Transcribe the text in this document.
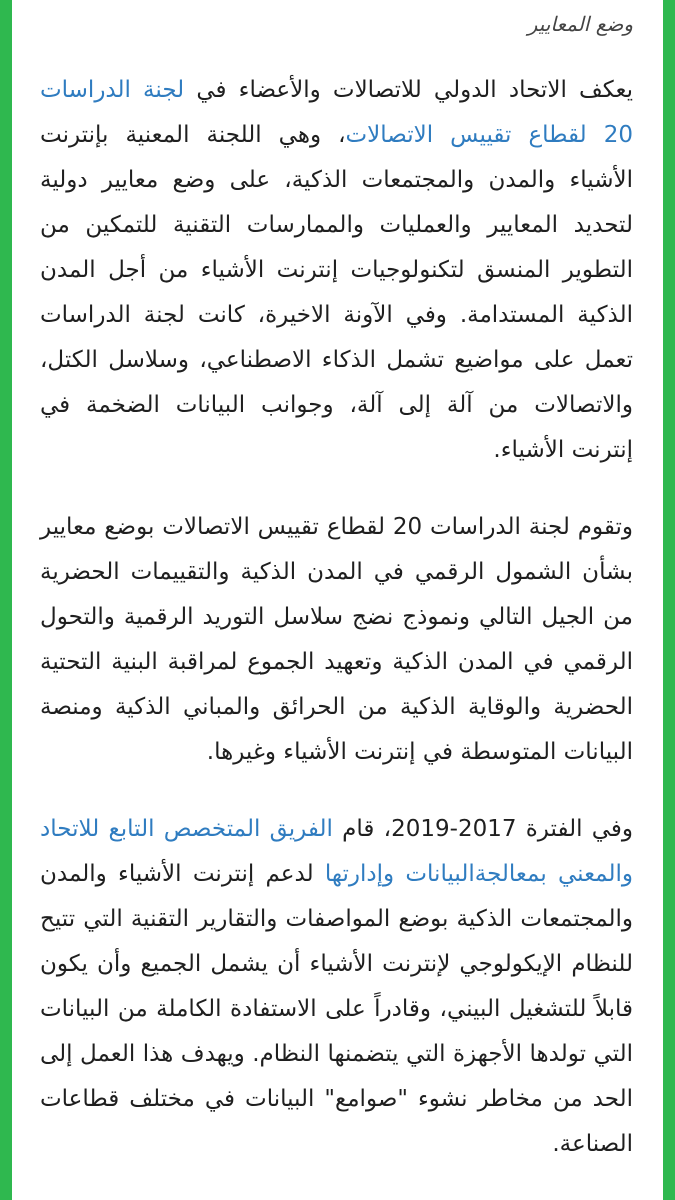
وضع المعايير

يعكف الاتحاد الدولي للاتصالات والأعضاء في لجنة الدراسات 20 لقطاع تقييس الاتصالات، وهي اللجنة المعنية بإنترنت الأشياء والمدن والمجتمعات الذكية، على وضع معايير دولية لتحديد المعايير والعمليات والممارسات التقنية للتمكين من التطوير المنسق لتكنولوجيات إنترنت الأشياء من أجل المدن الذكية المستدامة. وفي الآونة الاخيرة، كانت لجنة الدراسات تعمل على مواضيع تشمل الذكاء الاصطناعي، وسلاسل الكتل، والاتصالات من آلة إلى آلة، وجوانب البيانات الضخمة في إنترنت الأشياء.

وتقوم لجنة الدراسات 20 لقطاع تقييس الاتصالات بوضع معايير بشأن الشمول الرقمي في المدن الذكية والتقييمات الحضرية من الجيل التالي ونموذج نضج سلاسل التوريد الرقمية والتحول الرقمي في المدن الذكية وتعهيد الجموع لمراقبة البنية التحتية الحضرية والوقاية الذكية من الحرائق والمباني الذكية ومنصة البيانات المتوسطة في إنترنت الأشياء وغيرها.

وفي الفترة 2017-2019، قام الفريق المتخصص التابع للاتحاد والمعني بمعالجةالبيانات وإدارتها لدعم إنترنت الأشياء والمدن والمجتمعات الذكية بوضع المواصفات والتقارير التقنية التي تتيح للنظام الإيكولوجي لإنترنت الأشياء أن يشمل الجميع وأن يكون قابلاً للتشغيل البيني، وقادراً على الاستفادة الكاملة من البيانات التي تولدها الأجهزة التي يتضمنها النظام. ويهدف هذا العمل إلى الحد من مخاطر نشوء "صوامع" البيانات في مختلف قطاعات الصناعة.
